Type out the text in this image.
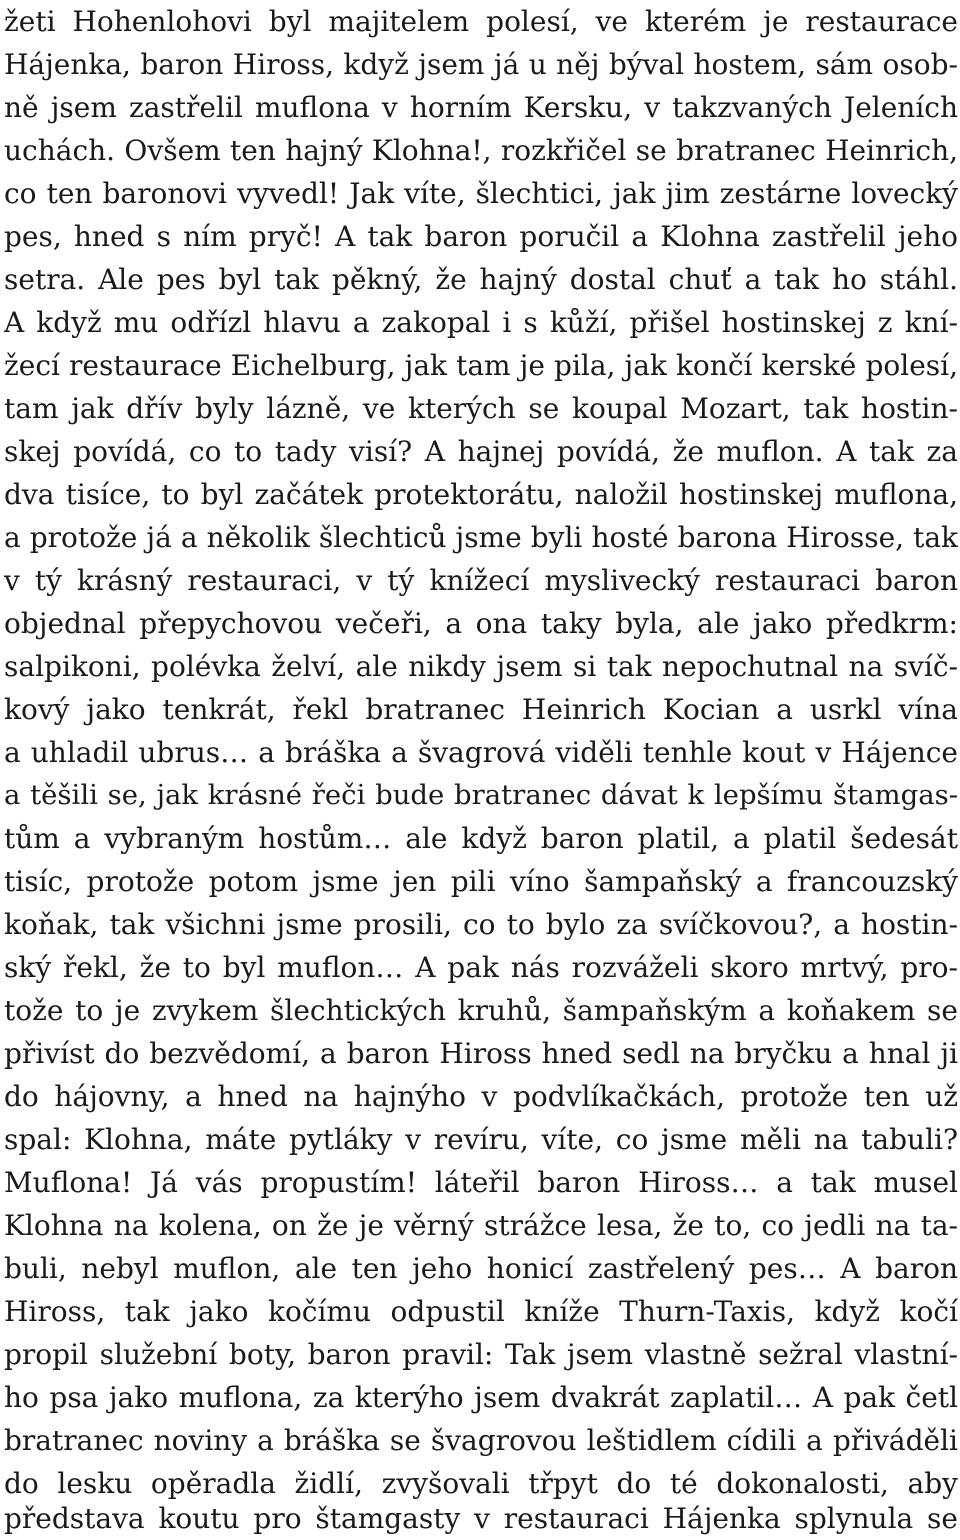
žeti Hohenlohovi byl majitelem polesí, ve kterém je restaurace
Hájenka, baron Hiross, když jsem já u něj býval hostem, sám osob-
ně jsem zastřelil muflona v horním Kersku, v takzvaných Jeleních
uchách. Ovšem ten hajný Klohna!, rozkřičel se bratranec Heinrich,
co ten baronovi vyvedl! Jak víte, šlechtici, jak jim zestárne lovecký
pes, hned s ním pryč! A tak baron poručil a Klohna zastřelil jeho
setra. Ale pes byl tak pěkný, že hajný dostal chuť a tak ho stáhl.
A když mu odřízl hlavu a zakopal i s kůží, přišel hostinskej z kní-
žecí restaurace Eichelburg, jak tam je pila, jak končí kerské polesí,
tam jak dřív byly lázně, ve kterých se koupal Mozart, tak hostin-
skej povídá, co to tady visí? A hajnej povídá, že muflon. A tak za
dva tisíce, to byl začátek protektorátu, naložil hostinskej muflona,
a protože já a několik šlechticů jsme byli hosté barona Hirosse, tak
v tý krásný restauraci, v tý knížecí myslivecký restauraci baron
objednal přepychovou večeři, a ona taky byla, ale jako předkrm:
salpikoni, polévka želví, ale nikdy jsem si tak nepochutnal na svíč-
kový jako tenkrát, řekl bratranec Heinrich Kocian a usrkl vína
a uhladil ubrus… a bráška a švagrová viděli tenhle kout v Hájence
a těšili se, jak krásné řeči bude bratranec dávat k lepšímu štamgas-
tům a vybraným hostům… ale když baron platil, a platil šedesát
tisíc, protože potom jsme jen pili víno šampaňský a francouzský
koňak, tak všichni jsme prosili, co to bylo za svíčkovou?, a hostin-
ský řekl, že to byl muflon… A pak nás rozváželi skoro mrtvý, pro-
tože to je zvykem šlechtických kruhů, šampaňským a koňakem se
přivíst do bezvědomí, a baron Hiross hned sedl na bryčku a hnal ji
do hájovny, a hned na hajnýho v podvlíkačkách, protože ten už
spal: Klohna, máte pytláky v revíru, víte, co jsme měli na tabuli?
Muflona! Já vás propustím! láteřil baron Hiross… a tak musel
Klohna na kolena, on že je věrný strážce lesa, že to, co jedli na ta-
buli, nebyl muflon, ale ten jeho honicí zastřelený pes… A baron
Hiross, tak jako kočímu odpustil kníže Thurn-Taxis, když kočí
propil služební boty, baron pravil: Tak jsem vlastně sežral vlastní-
ho psa jako muflona, za kterýho jsem dvakrát zaplatil… A pak četl
bratranec noviny a bráška se švagrovou leštidlem cídili a přiváděli
do lesku opěradla židlí, zvyšovali třpyt do té dokonalosti, aby
představa koutu pro štamgasty v restauraci Hájenka splynula se
